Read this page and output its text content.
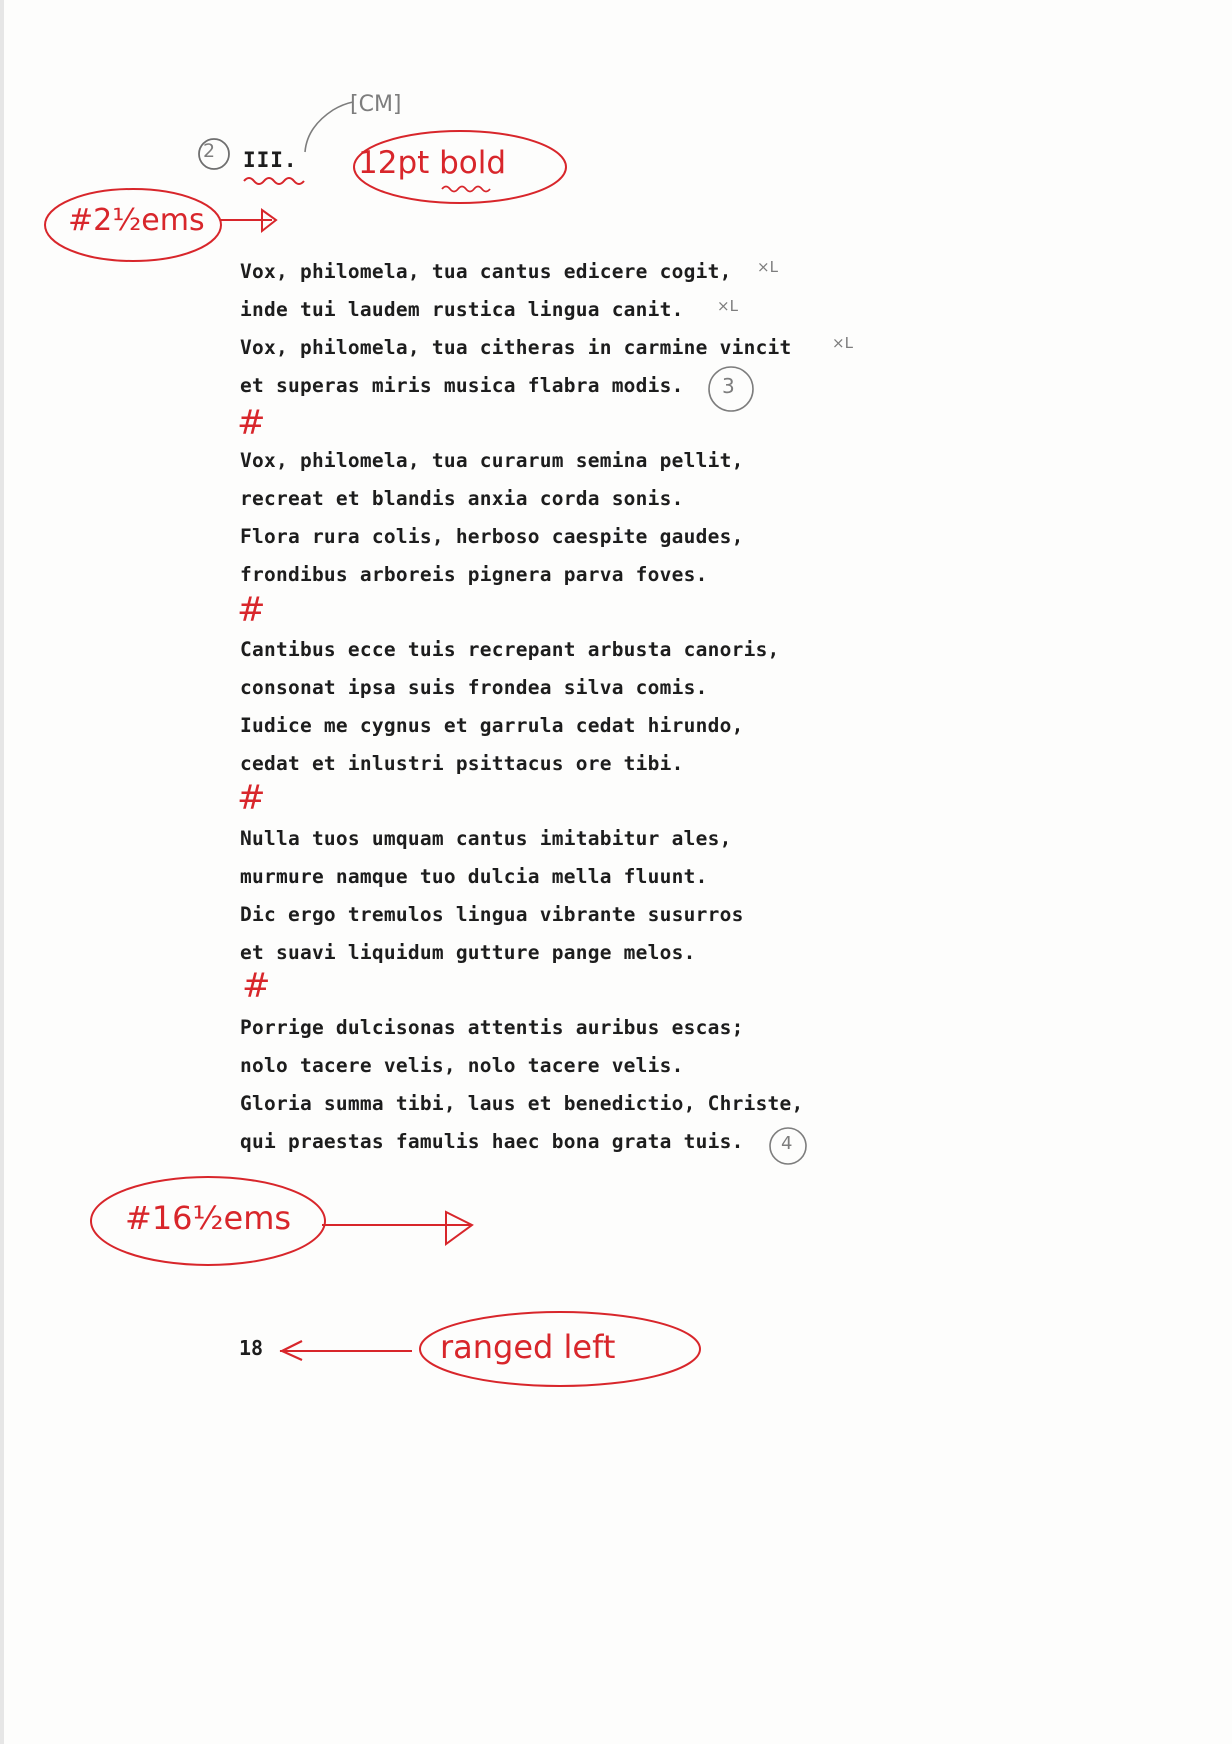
III.
Vox, philomela, tua cantus edicere cogit,
inde tui laudem rustica lingua canit.
Vox, philomela, tua citheras in carmine vincit
et superas miris musica flabra modis.
Vox, philomela, tua curarum semina pellit,
recreat et blandis anxia corda sonis.
Flora rura colis, herboso caespite gaudes,
frondibus arboreis pignera parva foves.
Cantibus ecce tuis recrepant arbusta canoris,
consonat ipsa suis frondea silva comis.
Iudice me cygnus et garrula cedat hirundo,
cedat et inlustri psittacus ore tibi.
Nulla tuos umquam cantus imitabitur ales,
murmure namque tuo dulcia mella fluunt.
Dic ergo tremulos lingua vibrante susurros
et suavi liquidum gutture pange melos.
Porrige dulcisonas attentis auribus escas;
nolo tacere velis, nolo tacere velis.
Gloria summa tibi, laus et benedictio, Christe,
qui praestas famulis haec bona grata tuis.
18
2
[CM]
12pt bold
#2½ems
3
4
#16½ems
ranged left
#
#
#
#
×L
×L
×L
